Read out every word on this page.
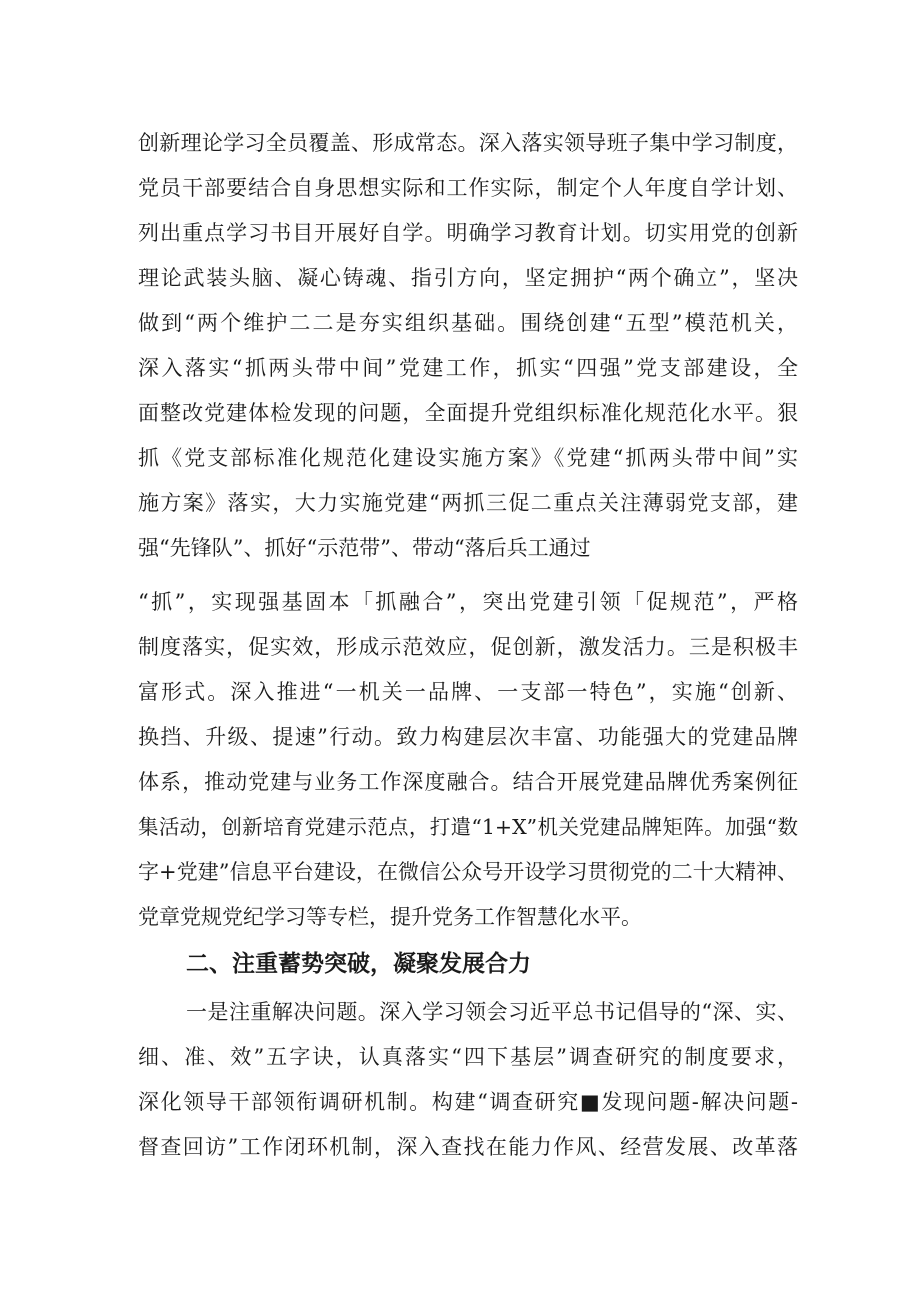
创新理论学习全员覆盖、形成常态。深入落实领导班子集中学习制度，
党员干部要结合自身思想实际和工作实际，制定个人年度自学计划、
列出重点学习书目开展好自学。明确学习教育计划。切实用党的创新
理论武装头脑、凝心铸魂、指引方向，坚定拥护“两个确立”，坚决
做到“两个维护二二是夯实组织基础。围绕创建“五型”模范机关，
深入落实“抓两头带中间”党建工作，抓实“四强”党支部建设，全
面整改党建体检发现的问题，全面提升党组织标准化规范化水平。狠
抓《党支部标准化规范化建设实施方案》《党建“抓两头带中间”实
施方案》落实，大力实施党建“两抓三促二重点关注薄弱党支部，建
强“先锋队”、抓好“示范带”、带动“落后兵工通过
“抓”，实现强基固本「抓融合”，突出党建引领「促规范”，严格
制度落实，促实效，形成示范效应，促创新，激发活力。三是积极丰
富形式。深入推进“一机关一品牌、一支部一特色”，实施“创新、
换挡、升级、提速”行动。致力构建层次丰富、功能强大的党建品牌
体系，推动党建与业务工作深度融合。结合开展党建品牌优秀案例征
集活动，创新培育党建示范点，打遣“1+X”机关党建品牌矩阵。加强“数
字+党建”信息平台建设，在微信公众号开设学习贯彻党的二十大精神、
党章党规党纪学习等专栏，提升党务工作智慧化水平。
二、注重蓄势突破，凝聚发展合力
一是注重解决问题。深入学习领会习近平总书记倡导的“深、实、
细、准、效”五字诀，认真落实“四下基层”调查研究的制度要求，
深化领导干部领衔调研机制。构建“调查研究■发现问题-解决问题-
督查回访”工作闭环机制，深入查找在能力作风、经营发展、改革落
